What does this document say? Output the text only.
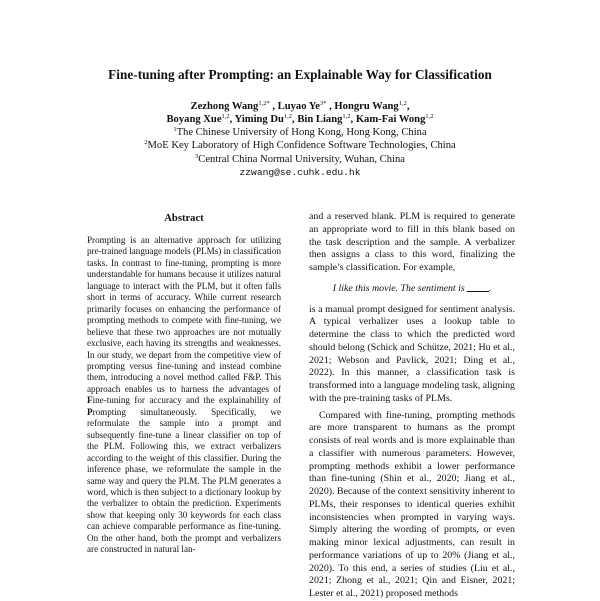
Fine-tuning after Prompting: an Explainable Way for Classification
Zezhong Wang$^{1,2*}$ , Luyao $Ye^{3*}$ , Hongru Wang$^{1,2}$,
Boyang Xue$^{1,2}$, Yiming Du$^{1,2}$, Bin Liang$^{1,2}$, Kam-Fai Wong$^{1,2}$
$^1$The Chinese University of Hong Kong, Hong Kong, China
$^2$MoE Key Laboratory of High Confidence Software Technologies, China
$^3$Central China Normal University, Wuhan, China
zzwang@se.cuhk.edu.hk
Abstract
Prompting is an alternative approach for utilizing pre-trained language models (PLMs) in classification tasks. In contrast to fine-tuning, prompting is more understandable for humans because it utilizes natural language to interact with the PLM, but it often falls short in terms of accuracy. While current research primarily focuses on enhancing the performance of prompting methods to compete with fine-tuning, we believe that these two approaches are not mutually exclusive, each having its strengths and weaknesses. In our study, we depart from the competitive view of prompting versus fine-tuning and instead combine them, introducing a novel method called F&P. This approach enables us to harness the advantages of Fine-tuning for accuracy and the explainability of Prompting simultaneously. Specifically, we reformulate the sample into a prompt and subsequently fine-tune a linear classifier on top of the PLM. Following this, we extract verbalizers according to the weight of this classifier. During the inference phase, we reformulate the sample in the same way and query the PLM. The PLM generates a word, which is then subject to a dictionary lookup by the verbalizer to obtain the prediction. Experiments show that keeping only 30 keywords for each class can achieve comparable performance as fine-tuning. On the other hand, both the prompt and verbalizers are constructed in natural lan-

and a reserved blank. PLM is required to generate an appropriate word to fill in this blank based on the task description and the sample. A verbalizer then assigns a class to this word, finalizing the sample’s classification. For example,

I like this movie. The sentiment is .

is a manual prompt designed for sentiment analysis. A typical verbalizer uses a lookup table to determine the class to which the predicted word should belong (Schick and Schütze, 2021; Hu et al., 2021; Webson and Pavlick, 2021; Ding et al., 2022). In this manner, a classification task is transformed into a language modeling task, aligning with the pre-training tasks of PLMs.

Compared with fine-tuning, prompting methods are more transparent to humans as the prompt consists of real words and is more explainable than a classifier with numerous parameters. However, prompting methods exhibit a lower performance than fine-tuning (Shin et al., 2020; Jiang et al., 2020). Because of the context sensitivity inherent to PLMs, their responses to identical queries exhibit inconsistencies when prompted in varying ways. Simply altering the wording of prompts, or even making minor lexical adjustments, can result in performance variations of up to 20% (Jiang et al., 2020). To this end, a series of studies (Liu et al., 2021; Zhong et al., 2021; Qin and Eisner, 2021; Lester et al., 2021) proposed methods
